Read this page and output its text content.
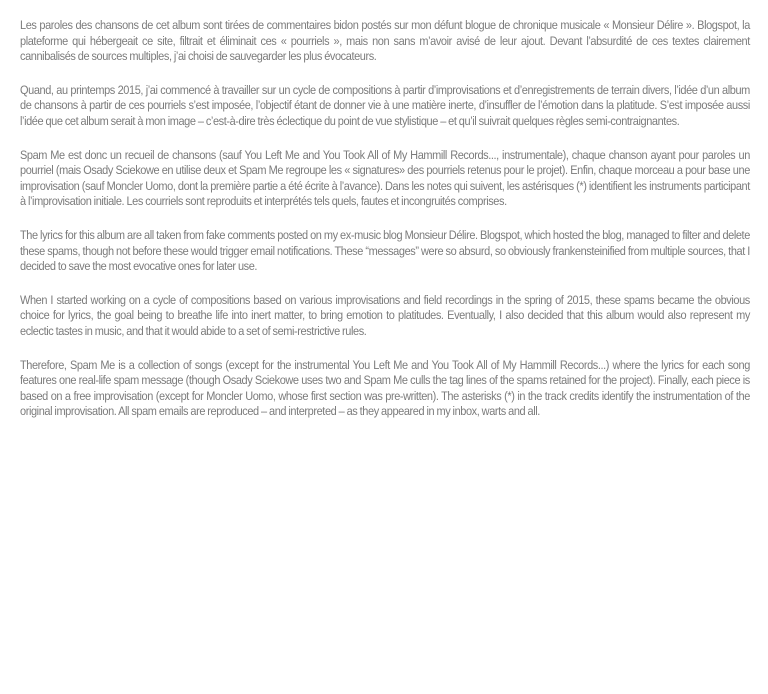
Les paroles des chansons de cet album sont tirées de commentaires bidon postés sur mon défunt blogue de chronique musicale « Monsieur Délire ». Blogspot, la plateforme qui hébergeait ce site, filtrait et éliminait ces « pourriels », mais non sans m’avoir avisé de leur ajout. Devant l’absurdité de ces textes clairement cannibalisés de sources multiples, j’ai choisi de sauvegarder les plus évocateurs.

Quand, au printemps 2015, j’ai commencé à travailler sur un cycle de compositions à partir d’improvisations et d’enregistrements de terrain divers, l’idée d’un album de chansons à partir de ces pourriels s’est imposée, l’objectif étant de donner vie à une matière inerte, d’insuffler de l’émotion dans la platitude. S’est imposée aussi l’idée que cet album serait à mon image – c’est-à-dire très éclectique du point de vue stylistique – et qu’il suivrait quelques règles semi-contraignantes.

Spam Me est donc un recueil de chansons (sauf You Left Me and You Took All of My Hammill Records..., instrumentale), chaque chanson ayant pour paroles un pourriel (mais Osady Sciekowe en utilise deux et Spam Me regroupe les « signatures» des pourriels retenus pour le projet). Enfin, chaque morceau a pour base une improvisation (sauf Moncler Uomo, dont la première partie a été écrite à l’avance). Dans les notes qui suivent, les astérisques (*) identifient les instruments participant à l’improvisation initiale. Les courriels sont reproduits et interprétés tels quels, fautes et incongruités comprises.

The lyrics for this album are all taken from fake comments posted on my ex-music blog Monsieur Délire. Blogspot, which hosted the blog, managed to filter and delete these spams, though not before these would trigger email notifications. These “messages” were so absurd, so obviously frankensteinified from multiple sources, that I decided to save the most evocative ones for later use.

When I started working on a cycle of compositions based on various improvisations and field recordings in the spring of 2015, these spams became the obvious choice for lyrics, the goal being to breathe life into inert matter, to bring emotion to platitudes. Eventually, I also decided that this album would also represent my eclectic tastes in music, and that it would abide to a set of semi-restrictive rules.

Therefore, Spam Me is a collection of songs (except for the instrumental You Left Me and You Took All of My Hammill Records...) where the lyrics for each song features one real-life spam message (though Osady Sciekowe uses two and Spam Me culls the tag lines of the spams retained for the project). Finally, each piece is based on a free improvisation (except for Moncler Uomo, whose first section was pre-written). The asterisks (*) in the track credits identify the instrumentation of the original improvisation. All spam emails are reproduced – and interpreted – as they appeared in my inbox, warts and all.
